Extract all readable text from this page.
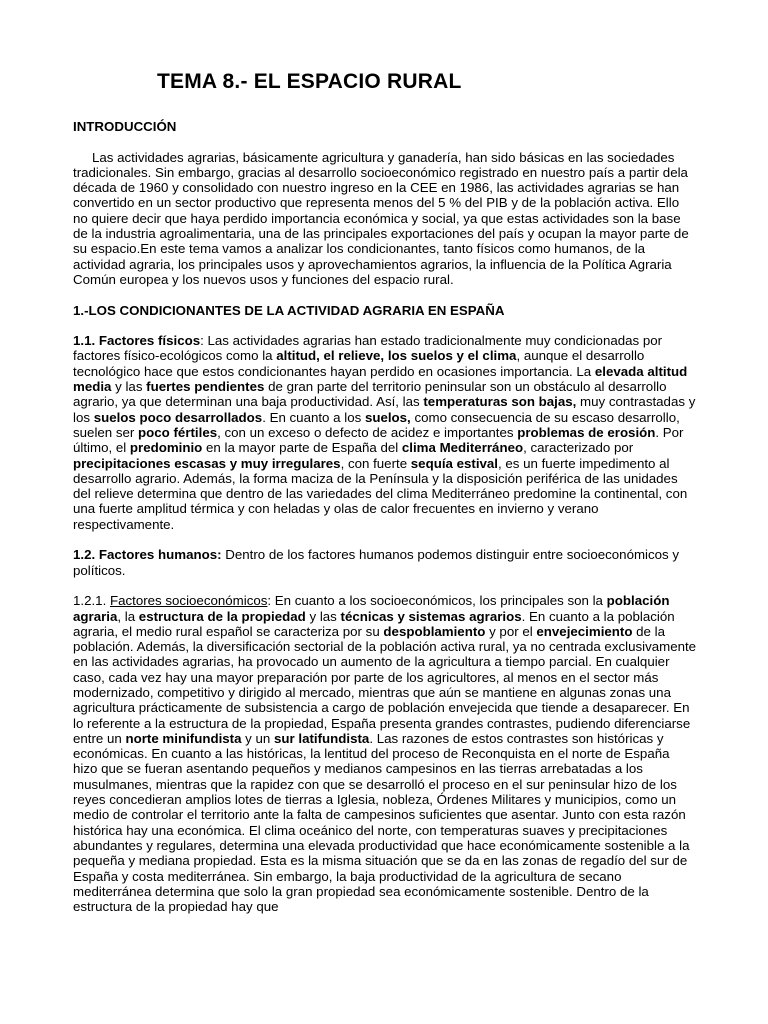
TEMA 8.- EL ESPACIO RURAL

INTRODUCCIÓN

Las actividades agrarias, básicamente agricultura y ganadería, han sido básicas en las sociedades tradicionales. Sin embargo, gracias al desarrollo socioeconómico registrado en nuestro país a partir dela década de 1960 y consolidado con nuestro ingreso en la CEE en 1986, las actividades agrarias se han convertido en un sector productivo que representa menos del 5 % del PIB y de la población activa. Ello no quiere decir que haya perdido importancia económica y social, ya que estas actividades son la base de la industria agroalimentaria, una de las principales exportaciones del país y ocupan la mayor parte de su espacio.En este tema vamos a analizar los condicionantes, tanto físicos como humanos, de la actividad agraria, los principales usos y aprovechamientos agrarios, la influencia de la Política Agraria Común europea y los nuevos usos y funciones del espacio rural.

1.-LOS CONDICIONANTES DE LA ACTIVIDAD AGRARIA EN ESPAÑA

1.1. Factores físicos: Las actividades agrarias han estado tradicionalmente muy condicionadas por factores físico-ecológicos como la altitud, el relieve, los suelos y el clima, aunque el desarrollo tecnológico hace que estos condicionantes hayan perdido en ocasiones importancia. La elevada altitud media y las fuertes pendientes de gran parte del territorio peninsular son un obstáculo al desarrollo agrario, ya que determinan una baja productividad. Así, las temperaturas son bajas, muy contrastadas y los suelos poco desarrollados. En cuanto a los suelos, como consecuencia de su escaso desarrollo, suelen ser poco fértiles, con un exceso o defecto de acidez e importantes problemas de erosión. Por último, el predominio en la mayor parte de España del clima Mediterráneo, caracterizado por precipitaciones escasas y muy irregulares, con fuerte sequía estival, es un fuerte impedimento al desarrollo agrario. Además, la forma maciza de la Península y la disposición periférica de las unidades del relieve determina que dentro de las variedades del clima Mediterráneo predomine la continental, con una fuerte amplitud térmica y con heladas y olas de calor frecuentes en invierno y verano respectivamente.

1.2. Factores humanos: Dentro de los factores humanos podemos distinguir entre socioeconómicos y políticos.

1.2.1. Factores socioeconómicos: En cuanto a los socioeconómicos, los principales son la población agraria, la estructura de la propiedad y las técnicas y sistemas agrarios. En cuanto a la población agraria, el medio rural español se caracteriza por su despoblamiento y por el envejecimiento de la población. Además, la diversificación sectorial de la población activa rural, ya no centrada exclusivamente en las actividades agrarias, ha provocado un aumento de la agricultura a tiempo parcial. En cualquier caso, cada vez hay una mayor preparación por parte de los agricultores, al menos en el sector más modernizado, competitivo y dirigido al mercado, mientras que aún se mantiene en algunas zonas una agricultura prácticamente de subsistencia a cargo de población envejecida que tiende a desaparecer. En lo referente a la estructura de la propiedad, España presenta grandes contrastes, pudiendo diferenciarse entre un norte minifundista y un sur latifundista. Las razones de estos contrastes son históricas y económicas. En cuanto a las históricas, la lentitud del proceso de Reconquista en el norte de España hizo que se fueran asentando pequeños y medianos campesinos en las tierras arrebatadas a los musulmanes, mientras que la rapidez con que se desarrolló el proceso en el sur peninsular hizo de los reyes concedieran amplios lotes de tierras a Iglesia, nobleza, Órdenes Militares y municipios, como un medio de controlar el territorio ante la falta de campesinos suficientes que asentar. Junto con esta razón histórica hay una económica. El clima oceánico del norte, con temperaturas suaves y precipitaciones abundantes y regulares, determina una elevada productividad que hace económicamente sostenible a la pequeña y mediana propiedad. Esta es la misma situación que se da en las zonas de regadío del sur de España y costa mediterránea. Sin embargo, la baja productividad de la agricultura de secano mediterránea determina que solo la gran propiedad sea económicamente sostenible. Dentro de la estructura de la propiedad hay que
